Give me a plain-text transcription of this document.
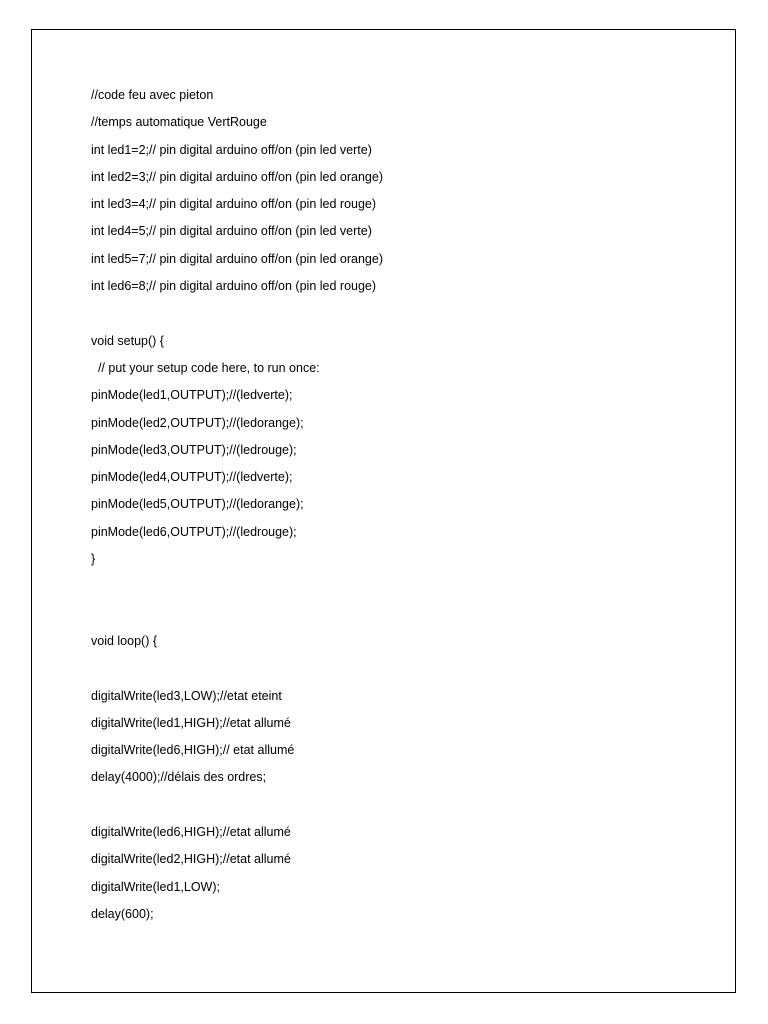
//code feu avec pieton
//temps automatique VertRouge
int led1=2;// pin digital arduino off/on (pin led verte)
int led2=3;// pin digital arduino off/on (pin led orange)
int led3=4;// pin digital arduino off/on (pin led rouge)
int led4=5;// pin digital arduino off/on (pin led verte)
int led5=7;// pin digital arduino off/on (pin led orange)
int led6=8;// pin digital arduino off/on (pin led rouge)
void setup() {
// put your setup code here, to run once:
pinMode(led1,OUTPUT);//(ledverte);
pinMode(led2,OUTPUT);//(ledorange);
pinMode(led3,OUTPUT);//(ledrouge);
pinMode(led4,OUTPUT);//(ledverte);
pinMode(led5,OUTPUT);//(ledorange);
pinMode(led6,OUTPUT);//(ledrouge);
}
void loop() {
digitalWrite(led3,LOW);//etat eteint
digitalWrite(led1,HIGH);//etat allumé
digitalWrite(led6,HIGH);// etat allumé
delay(4000);//délais des ordres;
digitalWrite(led6,HIGH);//etat allumé
digitalWrite(led2,HIGH);//etat allumé
digitalWrite(led1,LOW);
delay(600);
